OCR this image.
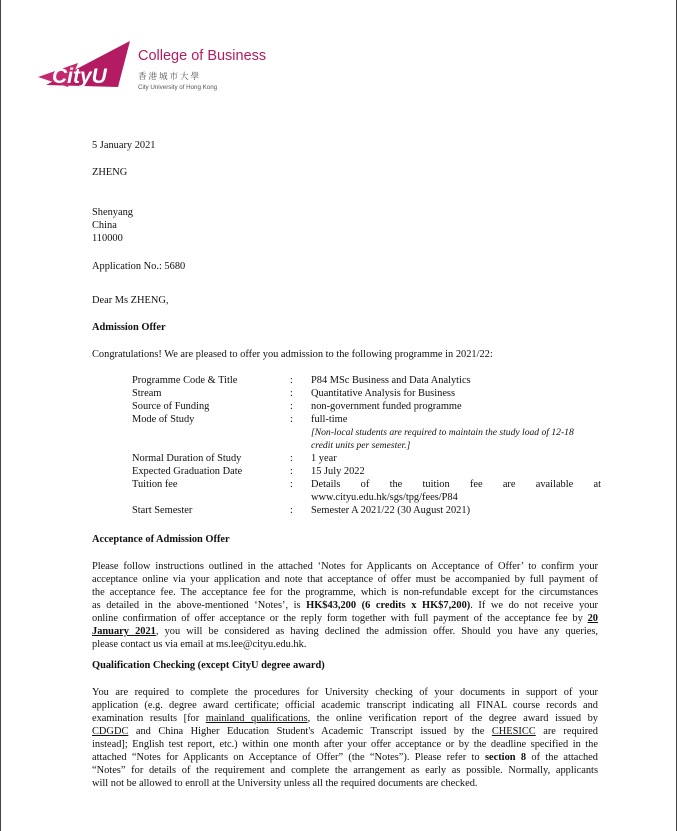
CityU
College of Business
香港城市大學
City University of Hong Kong
5 January 2021
ZHENG
Shenyang
China
110000
Application No.: 5680
Dear Ms ZHENG,
Admission Offer
Congratulations! We are pleased to offer you admission to the following programme in 2021/22:
Programme Code & Title	: P84 MSc Business and Data Analytics
Stream	: Quantitative Analysis for Business
Source of Funding	: non-government funded programme
Mode of Study	: full-time
[Non-local students are required to maintain the study load of 12-18
credit units per semester.]
Normal Duration of Study	: 1 year
Expected Graduation Date	: 15 July 2022
Tuition fee	: Details of the tuition fee are available at
www.cityu.edu.hk/sgs/tpg/fees/P84
Start Semester	: Semester A 2021/22 (30 August 2021)
Acceptance of Admission Offer
Please follow instructions outlined in the attached ‘Notes for Applicants on Acceptance of Offer’ to confirm your
acceptance online via your application and note that acceptance of offer must be accompanied by full payment of
the acceptance fee. The acceptance fee for the programme, which is non-refundable except for the circumstances
as detailed in the above-mentioned ‘Notes’, is HK$43,200 (6 credits x HK$7,200). If we do not receive your
online confirmation of offer acceptance or the reply form together with full payment of the acceptance fee by 20
January 2021, you will be considered as having declined the admission offer. Should you have any queries,
please contact us via email at ms.lee@cityu.edu.hk.
Qualification Checking (except CityU degree award)
You are required to complete the procedures for University checking of your documents in support of your
application (e.g. degree award certificate; official academic transcript indicating all FINAL course records and
examination results [for mainland qualifications, the online verification report of the degree award issued by
CDGDC and China Higher Education Student's Academic Transcript issued by the CHESICC are required
instead]; English test report, etc.) within one month after your offer acceptance or by the deadline specified in the
attached “Notes for Applicants on Acceptance of Offer” (the “Notes”). Please refer to section 8 of the attached
“Notes” for details of the requirement and complete the arrangement as early as possible. Normally, applicants
will not be allowed to enroll at the University unless all the required documents are checked.
